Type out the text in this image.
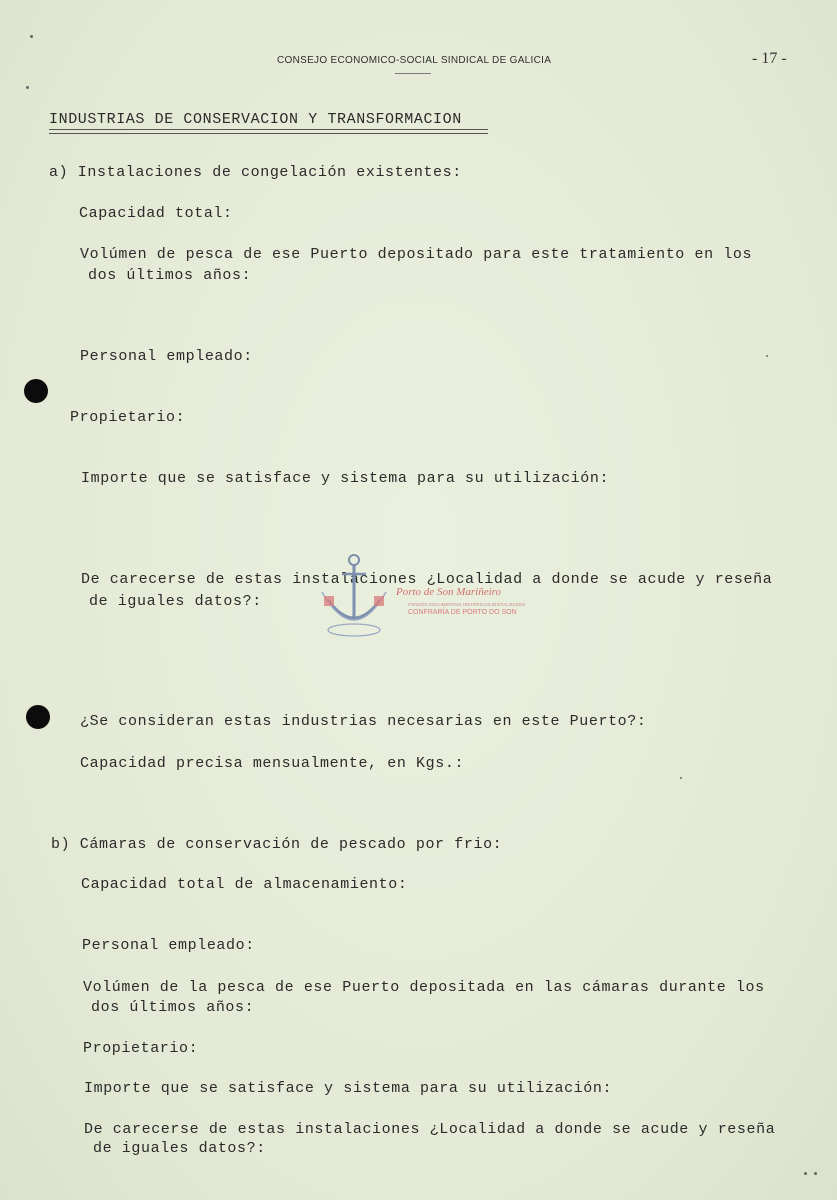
CONSEJO ECONOMICO-SOCIAL SINDICAL DE GALICIA	- 17 -
INDUSTRIAS DE CONSERVACION Y TRANSFORMACION
a) Instalaciones de congelación existentes:
Capacidad total:
Volúmen de pesca de ese Puerto depositado para este tratamiento en los
dos últimos años:
Personal empleado:
Propietario:
Importe que se satisface y sistema para su utilización:
De carecerse de estas instalaciones ¿Localidad a donde se acude y reseña
de iguales datos?:
¿Se consideran estas industrias necesarias en este Puerto?:
Capacidad precisa mensualmente, en Kgs.:
b) Cámaras de conservación de pescado por frio:
Capacidad total de almacenamiento:
Personal empleado:
Volúmen de la pesca de ese Puerto depositada en las cámaras durante los
dos últimos años:
Propietario:
Importe que se satisface y sistema para su utilización:
De carecerse de estas instalaciones ¿Localidad a donde se acude y reseña
de iguales datos?:
Porto de Son Mariñeiro
FONDOS DOCUMENTAIS HISTÓRICOS DIXITALIZADOS
CONFRARÍA DE PORTO DO SON
